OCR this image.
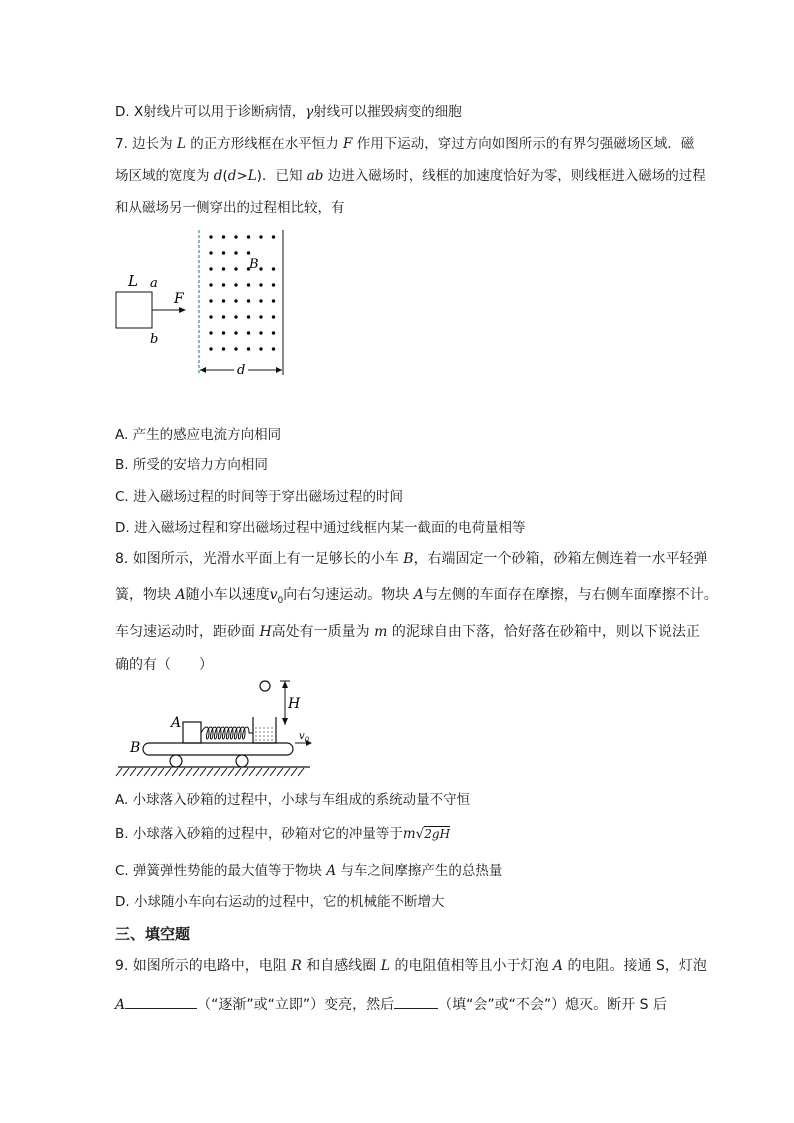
D. X射线片可以用于诊断病情，γ射线可以摧毁病变的细胞
7. 边长为 L 的正方形线框在水平恒力 F 作用下运动，穿过方向如图所示的有界匀强磁场区域．磁
场区域的宽度为 d(d>L)．已知 ab 边进入磁场时，线框的加速度恰好为零，则线框进入磁场的过程
和从磁场另一侧穿出的过程相比较，有
L a
b
F
B
d
A. 产生的感应电流方向相同
B. 所受的安培力方向相同
C. 进入磁场过程的时间等于穿出磁场过程的时间
D. 进入磁场过程和穿出磁场过程中通过线框内某一截面的电荷量相等
8. 如图所示，光滑水平面上有一足够长的小车 B，右端固定一个砂箱，砂箱左侧连着一水平轻弹
簧，物块 A随小车以速度$v_0$向右匀速运动。物块 A与左侧的车面存在摩擦，与右侧车面摩擦不计。
车匀速运动时，距砂面 H高处有一质量为 m 的泥球自由下落，恰好落在砂箱中，则以下说法正
确的有（　　）
H
B
A
$v_0$
A. 小球落入砂箱的过程中，小球与车组成的系统动量不守恒
B. 小球落入砂箱的过程中，砂箱对它的冲量等于m√2gH
C. 弹簧弹性势能的最大值等于物块 A 与车之间摩擦产生的总热量
D. 小球随小车向右运动的过程中，它的机械能不断增大
三、填空题
9. 如图所示的电路中，电阻 R 和自感线圈 L 的电阻值相等且小于灯泡 A 的电阻。接通 S，灯泡
A	（“逐渐”或“立即”）变亮，然后	（填“会”或“不会”）熄灭。断开 S 后
